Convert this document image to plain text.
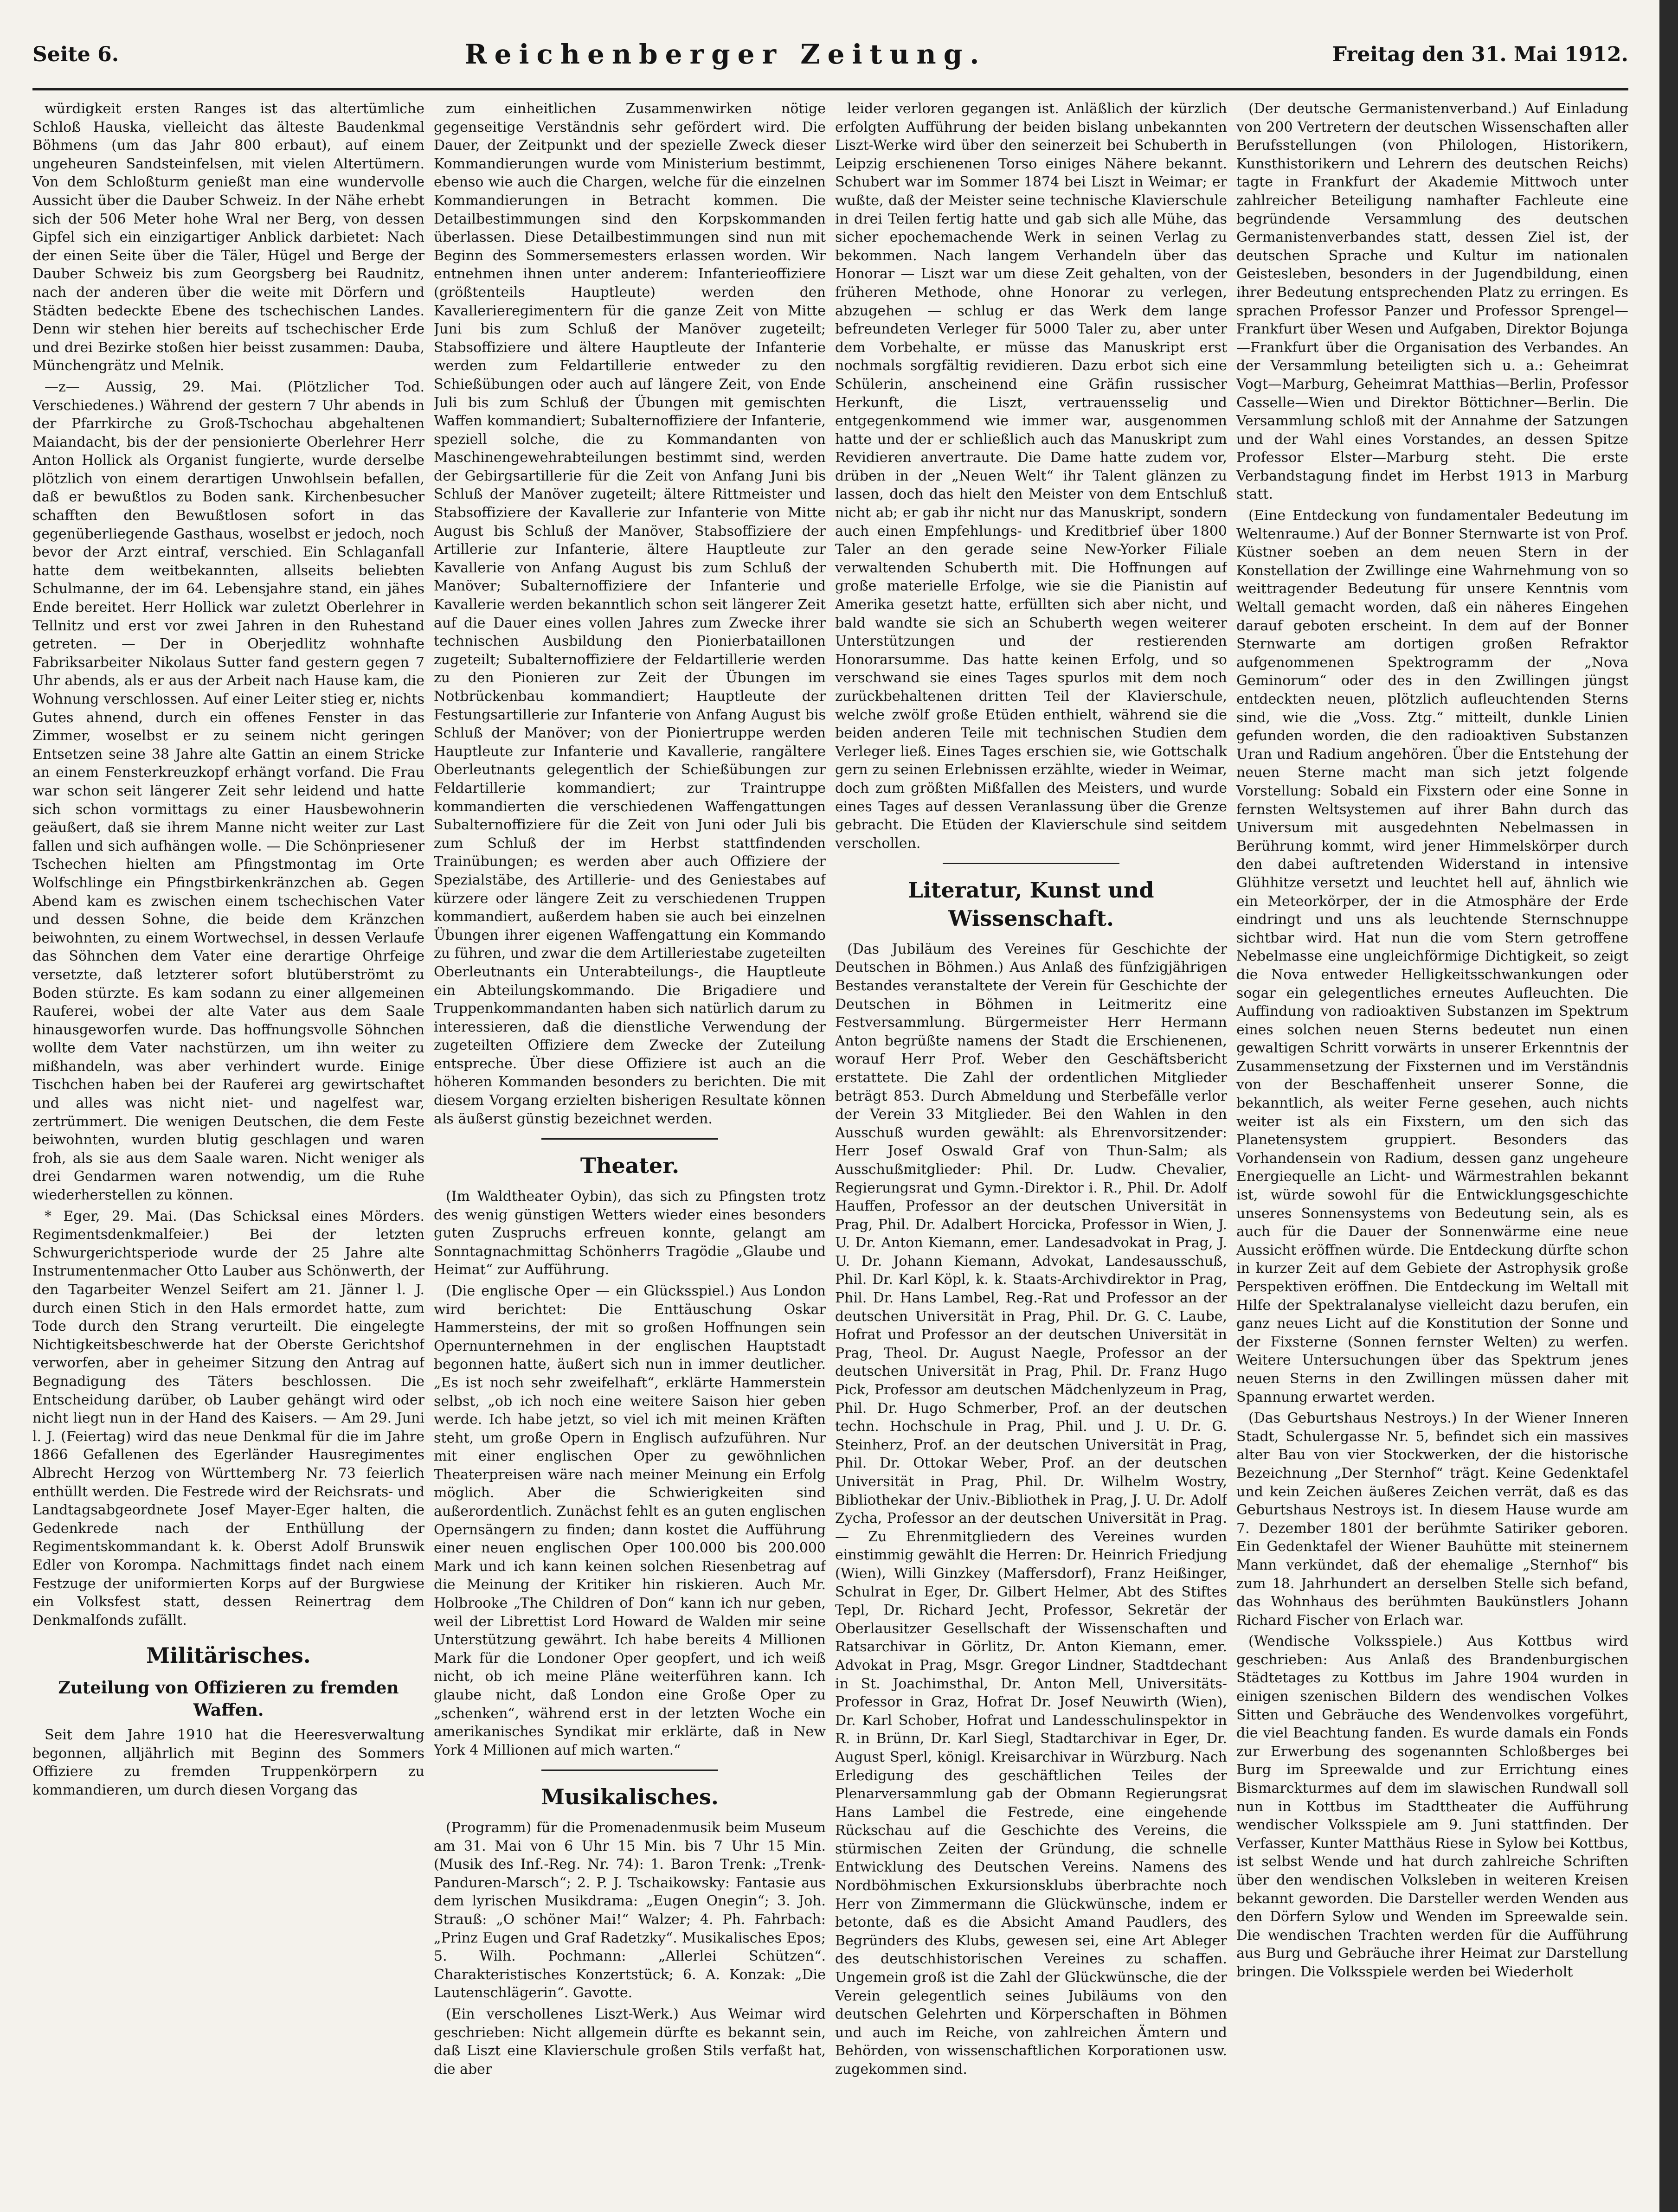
Seite 6.	Reichenberger Zeitung.	Freitag den 31. Mai 1912.

würdigkeit ersten Ranges ist das altertümliche Schloß Hauska, vielleicht das älteste Baudenkmal Böhmens (um das Jahr 800 erbaut), auf einem ungeheuren Sandsteinfelsen, mit vielen Altertümern. Von dem Schloßturm genießt man eine wundervolle Aussicht über die Dauber Schweiz. In der Nähe erhebt sich der 506 Meter hohe Wral ner Berg, von dessen Gipfel sich ein einzigartiger Anblick darbietet: Nach der einen Seite über die Täler, Hügel und Berge der Dauber Schweiz bis zum Georgsberg bei Raudnitz, nach der anderen über die weite mit Dörfern und Städten bedeckte Ebene des tschechischen Landes. Denn wir stehen hier bereits auf tschechischer Erde und drei Bezirke stoßen hier beisst zusammen: Dauba, Münchengrätz und Melnik.

—z— Aussig, 29. Mai. (Plötzlicher Tod. Verschiedenes.) Während der gestern 7 Uhr abends in der Pfarrkirche zu Groß-Tschochau abgehaltenen Maiandacht, bis der der pensionierte Oberlehrer Herr Anton Hollick als Organist fungierte, wurde derselbe plötzlich von einem derartigen Unwohlsein befallen, daß er bewußtlos zu Boden sank. Kirchenbesucher schafften den Bewußtlosen sofort in das gegenüberliegende Gasthaus, woselbst er jedoch, noch bevor der Arzt eintraf, verschied. Ein Schlaganfall hatte dem weitbekannten, allseits beliebten Schulmanne, der im 64. Lebensjahre stand, ein jähes Ende bereitet. Herr Hollick war zuletzt Oberlehrer in Tellnitz und erst vor zwei Jahren in den Ruhestand getreten. — Der in Oberjedlitz wohnhafte Fabriksarbeiter Nikolaus Sutter fand gestern gegen 7 Uhr abends, als er aus der Arbeit nach Hause kam, die Wohnung verschlossen. Auf einer Leiter stieg er, nichts Gutes ahnend, durch ein offenes Fenster in das Zimmer, woselbst er zu seinem nicht geringen Entsetzen seine 38 Jahre alte Gattin an einem Stricke an einem Fensterkreuzkopf erhängt vorfand. Die Frau war schon seit längerer Zeit sehr leidend und hatte sich schon vormittags zu einer Hausbewohnerin geäußert, daß sie ihrem Manne nicht weiter zur Last fallen und sich aufhängen wolle. — Die Schönpriesener Tschechen hielten am Pfingstmontag im Orte Wolfschlinge ein Pfingstbirkenkränzchen ab. Gegen Abend kam es zwischen einem tschechischen Vater und dessen Sohne, die beide dem Kränzchen beiwohnten, zu einem Wortwechsel, in dessen Verlaufe das Söhnchen dem Vater eine derartige Ohrfeige versetzte, daß letzterer sofort blutüberströmt zu Boden stürzte. Es kam sodann zu einer allgemeinen Rauferei, wobei der alte Vater aus dem Saale hinausgeworfen wurde. Das hoffnungsvolle Söhnchen wollte dem Vater nachstürzen, um ihn weiter zu mißhandeln, was aber verhindert wurde. Einige Tischchen haben bei der Rauferei arg gewirtschaftet und alles was nicht niet- und nagelfest war, zertrümmert. Die wenigen Deutschen, die dem Feste beiwohnten, wurden blutig geschlagen und waren froh, als sie aus dem Saale waren. Nicht weniger als drei Gendarmen waren notwendig, um die Ruhe wiederherstellen zu können.

* Eger, 29. Mai. (Das Schicksal eines Mörders. Regimentsdenkmalfeier.) Bei der letzten Schwurgerichtsperiode wurde der 25 Jahre alte Instrumentenmacher Otto Lauber aus Schönwerth, der den Tagarbeiter Wenzel Seifert am 21. Jänner l. J. durch einen Stich in den Hals ermordet hatte, zum Tode durch den Strang verurteilt. Die eingelegte Nichtigkeitsbeschwerde hat der Oberste Gerichtshof verworfen, aber in geheimer Sitzung den Antrag auf Begnadigung des Täters beschlossen. Die Entscheidung darüber, ob Lauber gehängt wird oder nicht liegt nun in der Hand des Kaisers. — Am 29. Juni l. J. (Feiertag) wird das neue Denkmal für die im Jahre 1866 Gefallenen des Egerländer Hausregimentes Albrecht Herzog von Württemberg Nr. 73 feierlich enthüllt werden. Die Festrede wird der Reichsrats- und Landtagsabgeordnete Josef Mayer-Eger halten, die Gedenkrede nach der Enthüllung der Regimentskommandant k. k. Oberst Adolf Brunswik Edler von Korompa. Nachmittags findet nach einem Festzuge der uniformierten Korps auf der Burgwiese ein Volksfest statt, dessen Reinertrag dem Denkmalfonds zufällt.

Militärisches.
Zuteilung von Offizieren zu fremden Waffen.

Seit dem Jahre 1910 hat die Heeresverwaltung begonnen, alljährlich mit Beginn des Sommers Offiziere zu fremden Truppenkörpern zu kommandieren, um durch diesen Vorgang das

zum einheitlichen Zusammenwirken nötige gegenseitige Verständnis sehr gefördert wird. Die Dauer, der Zeitpunkt und der spezielle Zweck dieser Kommandierungen wurde vom Ministerium bestimmt, ebenso wie auch die Chargen, welche für die einzelnen Kommandierungen in Betracht kommen. Die Detailbestimmungen sind den Korpskommanden überlassen. Diese Detailbestimmungen sind nun mit Beginn des Sommersemesters erlassen worden. Wir entnehmen ihnen unter anderem: Infanterieoffiziere (größtenteils Hauptleute) werden den Kavallerieregimentern für die ganze Zeit von Mitte Juni bis zum Schluß der Manöver zugeteilt; Stabsoffiziere und ältere Hauptleute der Infanterie werden zum Feldartillerie entweder zu den Schießübungen oder auch auf längere Zeit, von Ende Juli bis zum Schluß der Übungen mit gemischten Waffen kommandiert; Subalternoffiziere der Infanterie, speziell solche, die zu Kommandanten von Maschinengewehrabteilungen bestimmt sind, werden der Gebirgsartillerie für die Zeit von Anfang Juni bis Schluß der Manöver zugeteilt; ältere Rittmeister und Stabsoffiziere der Kavallerie zur Infanterie von Mitte August bis Schluß der Manöver, Stabsoffiziere der Artillerie zur Infanterie, ältere Hauptleute zur Kavallerie von Anfang August bis zum Schluß der Manöver; Subalternoffiziere der Infanterie und Kavallerie werden bekanntlich schon seit längerer Zeit auf die Dauer eines vollen Jahres zum Zwecke ihrer technischen Ausbildung den Pionierbataillonen zugeteilt; Subalternoffiziere der Feldartillerie werden zu den Pionieren zur Zeit der Übungen im Notbrückenbau kommandiert; Hauptleute der Festungsartillerie zur Infanterie von Anfang August bis Schluß der Manöver; von der Pioniertruppe werden Hauptleute zur Infanterie und Kavallerie, rangältere Oberleutnants gelegentlich der Schießübungen zur Feldartillerie kommandiert; zur Traintruppe kommandierten die verschiedenen Waffengattungen Subalternoffiziere für die Zeit von Juni oder Juli bis zum Schluß der im Herbst stattfindenden Trainübungen; es werden aber auch Offiziere der Spezialstäbe, des Artillerie- und des Geniestabes auf kürzere oder längere Zeit zu verschiedenen Truppen kommandiert, außerdem haben sie auch bei einzelnen Übungen ihrer eigenen Waffengattung ein Kommando zu führen, und zwar die dem Artilleriestabe zugeteilten Oberleutnants ein Unterabteilungs-, die Hauptleute ein Abteilungskommando. Die Brigadiere und Truppenkommandanten haben sich natürlich darum zu interessieren, daß die dienstliche Verwendung der zugeteilten Offiziere dem Zwecke der Zuteilung entspreche. Über diese Offiziere ist auch an die höheren Kommanden besonders zu berichten. Die mit diesem Vorgang erzielten bisherigen Resultate können als äußerst günstig bezeichnet werden.

Theater.

(Im Waldtheater Oybin), das sich zu Pfingsten trotz des wenig günstigen Wetters wieder eines besonders guten Zuspruchs erfreuen konnte, gelangt am Sonntagnachmittag Schönherrs Tragödie „Glaube und Heimat“ zur Aufführung.

(Die englische Oper — ein Glücksspiel.) Aus London wird berichtet: Die Enttäuschung Oskar Hammersteins, der mit so großen Hoffnungen sein Opernunternehmen in der englischen Hauptstadt begonnen hatte, äußert sich nun in immer deutlicher. „Es ist noch sehr zweifelhaft“, erklärte Hammerstein selbst, „ob ich noch eine weitere Saison hier geben werde. Ich habe jetzt, so viel ich mit meinen Kräften steht, um große Opern in Englisch aufzuführen. Nur mit einer englischen Oper zu gewöhnlichen Theaterpreisen wäre nach meiner Meinung ein Erfolg möglich. Aber die Schwierigkeiten sind außerordentlich. Zunächst fehlt es an guten englischen Opernsängern zu finden; dann kostet die Aufführung einer neuen englischen Oper 100.000 bis 200.000 Mark und ich kann keinen solchen Riesenbetrag auf die Meinung der Kritiker hin riskieren. Auch Mr. Holbrooke „The Children of Don“ kann ich nur geben, weil der Librettist Lord Howard de Walden mir seine Unterstützung gewährt. Ich habe bereits 4 Millionen Mark für die Londoner Oper geopfert, und ich weiß nicht, ob ich meine Pläne weiterführen kann. Ich glaube nicht, daß London eine Große Oper zu „schenken“, während erst in der letzten Woche ein amerikanisches Syndikat mir erklärte, daß in New York 4 Millionen auf mich warten.“

Musikalisches.

(Programm) für die Promenadenmusik beim Museum am 31. Mai von 6 Uhr 15 Min. bis 7 Uhr 15 Min. (Musik des Inf.-Reg. Nr. 74): 1. Baron Trenk: „Trenk-Panduren-Marsch“; 2. P. J. Tschaikowsky: Fantasie aus dem lyrischen Musikdrama: „Eugen Onegin“; 3. Joh. Strauß: „O schöner Mai!“ Walzer; 4. Ph. Fahrbach: „Prinz Eugen und Graf Radetzky“. Musikalisches Epos; 5. Wilh. Pochmann: „Allerlei Schützen“. Charakteristisches Konzertstück; 6. A. Konzak: „Die Lautenschlägerin“. Gavotte.

(Ein verschollenes Liszt-Werk.) Aus Weimar wird geschrieben: Nicht allgemein dürfte es bekannt sein, daß Liszt eine Klavierschule großen Stils verfaßt hat, die aber

leider verloren gegangen ist. Anläßlich der kürzlich erfolgten Aufführung der beiden bislang unbekannten Liszt-Werke wird über den seinerzeit bei Schuberth in Leipzig erschienenen Torso einiges Nähere bekannt. Schubert war im Sommer 1874 bei Liszt in Weimar; er wußte, daß der Meister seine technische Klavierschule in drei Teilen fertig hatte und gab sich alle Mühe, das sicher epochemachende Werk in seinen Verlag zu bekommen. Nach langem Verhandeln über das Honorar — Liszt war um diese Zeit gehalten, von der früheren Methode, ohne Honorar zu verlegen, abzugehen — schlug er das Werk dem lange befreundeten Verleger für 5000 Taler zu, aber unter dem Vorbehalte, er müsse das Manuskript erst nochmals sorgfältig revidieren. Dazu erbot sich eine Schülerin, anscheinend eine Gräfin russischer Herkunft, die Liszt, vertrauensselig und entgegenkommend wie immer war, ausgenommen hatte und der er schließlich auch das Manuskript zum Revidieren anvertraute. Die Dame hatte zudem vor, drüben in der „Neuen Welt“ ihr Talent glänzen zu lassen, doch das hielt den Meister von dem Entschluß nicht ab; er gab ihr nicht nur das Manuskript, sondern auch einen Empfehlungs- und Kreditbrief über 1800 Taler an den gerade seine New-Yorker Filiale verwaltenden Schuberth mit. Die Hoffnungen auf große materielle Erfolge, wie sie die Pianistin auf Amerika gesetzt hatte, erfüllten sich aber nicht, und bald wandte sie sich an Schuberth wegen weiterer Unterstützungen und der restierenden Honorarsumme. Das hatte keinen Erfolg, und so verschwand sie eines Tages spurlos mit dem noch zurückbehaltenen dritten Teil der Klavierschule, welche zwölf große Etüden enthielt, während sie die beiden anderen Teile mit technischen Studien dem Verleger ließ. Eines Tages erschien sie, wie Gottschalk gern zu seinen Erlebnissen erzählte, wieder in Weimar, doch zum größten Mißfallen des Meisters, und wurde eines Tages auf dessen Veranlassung über die Grenze gebracht. Die Etüden der Klavierschule sind seitdem verschollen.

Literatur, Kunst und Wissenschaft.

(Das Jubiläum des Vereines für Geschichte der Deutschen in Böhmen.) Aus Anlaß des fünfzigjährigen Bestandes veranstaltete der Verein für Geschichte der Deutschen in Böhmen in Leitmeritz eine Festversammlung. Bürgermeister Herr Hermann Anton begrüßte namens der Stadt die Erschienenen, worauf Herr Prof. Weber den Geschäftsbericht erstattete. Die Zahl der ordentlichen Mitglieder beträgt 853. Durch Abmeldung und Sterbefälle verlor der Verein 33 Mitglieder. Bei den Wahlen in den Ausschuß wurden gewählt: als Ehrenvorsitzender: Herr Josef Oswald Graf von Thun-Salm; als Ausschußmitglieder: Phil. Dr. Ludw. Chevalier, Regierungsrat und Gymn.-Direktor i. R., Phil. Dr. Adolf Hauffen, Professor an der deutschen Universität in Prag, Phil. Dr. Adalbert Horcicka, Professor in Wien, J. U. Dr. Anton Kiemann, emer. Landesadvokat in Prag, J. U. Dr. Johann Kiemann, Advokat, Landesausschuß, Phil. Dr. Karl Köpl, k. k. Staats-Archivdirektor in Prag, Phil. Dr. Hans Lambel, Reg.-Rat und Professor an der deutschen Universität in Prag, Phil. Dr. G. C. Laube, Hofrat und Professor an der deutschen Universität in Prag, Theol. Dr. August Naegle, Professor an der deutschen Universität in Prag, Phil. Dr. Franz Hugo Pick, Professor am deutschen Mädchenlyzeum in Prag, Phil. Dr. Hugo Schmerber, Prof. an der deutschen techn. Hochschule in Prag, Phil. und J. U. Dr. G. Steinherz, Prof. an der deutschen Universität in Prag, Phil. Dr. Ottokar Weber, Prof. an der deutschen Universität in Prag, Phil. Dr. Wilhelm Wostry, Bibliothekar der Univ.-Bibliothek in Prag, J. U. Dr. Adolf Zycha, Professor an der deutschen Universität in Prag. — Zu Ehrenmitgliedern des Vereines wurden einstimmig gewählt die Herren: Dr. Heinrich Friedjung (Wien), Willi Ginzkey (Maffersdorf), Franz Heißinger, Schulrat in Eger, Dr. Gilbert Helmer, Abt des Stiftes Tepl, Dr. Richard Jecht, Professor, Sekretär der Oberlausitzer Gesellschaft der Wissenschaften und Ratsarchivar in Görlitz, Dr. Anton Kiemann, emer. Advokat in Prag, Msgr. Gregor Lindner, Stadtdechant in St. Joachimsthal, Dr. Anton Mell, Universitäts-Professor in Graz, Hofrat Dr. Josef Neuwirth (Wien), Dr. Karl Schober, Hofrat und Landesschulinspektor in R. in Brünn, Dr. Karl Siegl, Stadtarchivar in Eger, Dr. August Sperl, königl. Kreisarchivar in Würzburg. Nach Erledigung des geschäftlichen Teiles der Plenarversammlung gab der Obmann Regierungsrat Hans Lambel die Festrede, eine eingehende Rückschau auf die Geschichte des Vereins, die stürmischen Zeiten der Gründung, die schnelle Entwicklung des Deutschen Vereins. Namens des Nordböhmischen Exkursionsklubs überbrachte noch Herr von Zimmermann die Glückwünsche, indem er betonte, daß es die Absicht Amand Paudlers, des Begründers des Klubs, gewesen sei, eine Art Ableger des deutschhistorischen Vereines zu schaffen. Ungemein groß ist die Zahl der Glückwünsche, die der Verein gelegentlich seines Jubiläums von den deutschen Gelehrten und Körperschaften in Böhmen und auch im Reiche, von zahlreichen Ämtern und Behörden, von wissenschaftlichen Korporationen usw. zugekommen sind.

(Der deutsche Germanistenverband.) Auf Einladung von 200 Vertretern der deutschen Wissenschaften aller Berufsstellungen (von Philologen, Historikern, Kunsthistorikern und Lehrern des deutschen Reichs) tagte in Frankfurt der Akademie Mittwoch unter zahlreicher Beteiligung namhafter Fachleute eine begründende Versammlung des deutschen Germanistenverbandes statt, dessen Ziel ist, der deutschen Sprache und Kultur im nationalen Geistesleben, besonders in der Jugendbildung, einen ihrer Bedeutung entsprechenden Platz zu erringen. Es sprachen Professor Panzer und Professor Sprengel—Frankfurt über Wesen und Aufgaben, Direktor Bojunga—Frankfurt über die Organisation des Verbandes. An der Versammlung beteiligten sich u. a.: Geheimrat Vogt—Marburg, Geheimrat Matthias—Berlin, Professor Casselle—Wien und Direktor Böttichner—Berlin. Die Versammlung schloß mit der Annahme der Satzungen und der Wahl eines Vorstandes, an dessen Spitze Professor Elster—Marburg steht. Die erste Verbandstagung findet im Herbst 1913 in Marburg statt.

(Eine Entdeckung von fundamentaler Bedeutung im Weltenraume.) Auf der Bonner Sternwarte ist von Prof. Küstner soeben an dem neuen Stern in der Konstellation der Zwillinge eine Wahrnehmung von so weittragender Bedeutung für unsere Kenntnis vom Weltall gemacht worden, daß ein näheres Eingehen darauf geboten erscheint. In dem auf der Bonner Sternwarte am dortigen großen Refraktor aufgenommenen Spektrogramm der „Nova Geminorum“ oder des in den Zwillingen jüngst entdeckten neuen, plötzlich aufleuchtenden Sterns sind, wie die „Voss. Ztg.“ mitteilt, dunkle Linien gefunden worden, die den radioaktiven Substanzen Uran und Radium angehören. Über die Entstehung der neuen Sterne macht man sich jetzt folgende Vorstellung: Sobald ein Fixstern oder eine Sonne in fernsten Weltsystemen auf ihrer Bahn durch das Universum mit ausgedehnten Nebelmassen in Berührung kommt, wird jener Himmelskörper durch den dabei auftretenden Widerstand in intensive Glühhitze versetzt und leuchtet hell auf, ähnlich wie ein Meteorkörper, der in die Atmosphäre der Erde eindringt und uns als leuchtende Sternschnuppe sichtbar wird. Hat nun die vom Stern getroffene Nebelmasse eine ungleichförmige Dichtigkeit, so zeigt die Nova entweder Helligkeitsschwankungen oder sogar ein gelegentliches erneutes Aufleuchten. Die Auffindung von radioaktiven Substanzen im Spektrum eines solchen neuen Sterns bedeutet nun einen gewaltigen Schritt vorwärts in unserer Erkenntnis der Zusammensetzung der Fixsternen und im Verständnis von der Beschaffenheit unserer Sonne, die bekanntlich, als weiter Ferne gesehen, auch nichts weiter ist als ein Fixstern, um den sich das Planetensystem gruppiert. Besonders das Vorhandensein von Radium, dessen ganz ungeheure Energiequelle an Licht- und Wärmestrahlen bekannt ist, würde sowohl für die Entwicklungsgeschichte unseres Sonnensystems von Bedeutung sein, als es auch für die Dauer der Sonnenwärme eine neue Aussicht eröffnen würde. Die Entdeckung dürfte schon in kurzer Zeit auf dem Gebiete der Astrophysik große Perspektiven eröffnen. Die Entdeckung im Weltall mit Hilfe der Spektralanalyse vielleicht dazu berufen, ein ganz neues Licht auf die Konstitution der Sonne und der Fixsterne (Sonnen fernster Welten) zu werfen. Weitere Untersuchungen über das Spektrum jenes neuen Sterns in den Zwillingen müssen daher mit Spannung erwartet werden.

(Das Geburtshaus Nestroys.) In der Wiener Inneren Stadt, Schulergasse Nr. 5, befindet sich ein massives alter Bau von vier Stockwerken, der die historische Bezeichnung „Der Sternhof“ trägt. Keine Gedenktafel und kein Zeichen äußeres Zeichen verrät, daß es das Geburtshaus Nestroys ist. In diesem Hause wurde am 7. Dezember 1801 der berühmte Satiriker geboren. Ein Gedenktafel der Wiener Bauhütte mit steinernem Mann verkündet, daß der ehemalige „Sternhof“ bis zum 18. Jahrhundert an derselben Stelle sich befand, das Wohnhaus des berühmten Baukünstlers Johann Richard Fischer von Erlach war.

(Wendische Volksspiele.) Aus Kottbus wird geschrieben: Aus Anlaß des Brandenburgischen Städtetages zu Kottbus im Jahre 1904 wurden in einigen szenischen Bildern des wendischen Volkes Sitten und Gebräuche des Wendenvolkes vorgeführt, die viel Beachtung fanden. Es wurde damals ein Fonds zur Erwerbung des sogenannten Schloßberges bei Burg im Spreewalde und zur Errichtung eines Bismarckturmes auf dem im slawischen Rundwall soll nun in Kottbus im Stadttheater die Aufführung wendischer Volksspiele am 9. Juni stattfinden. Der Verfasser, Kunter Matthäus Riese in Sylow bei Kottbus, ist selbst Wende und hat durch zahlreiche Schriften über den wendischen Volksleben in weiteren Kreisen bekannt geworden. Die Darsteller werden Wenden aus den Dörfern Sylow und Wenden im Spreewalde sein. Die wendischen Trachten werden für die Aufführung aus Burg und Gebräuche ihrer Heimat zur Darstellung bringen. Die Volksspiele werden bei Wiederholt
